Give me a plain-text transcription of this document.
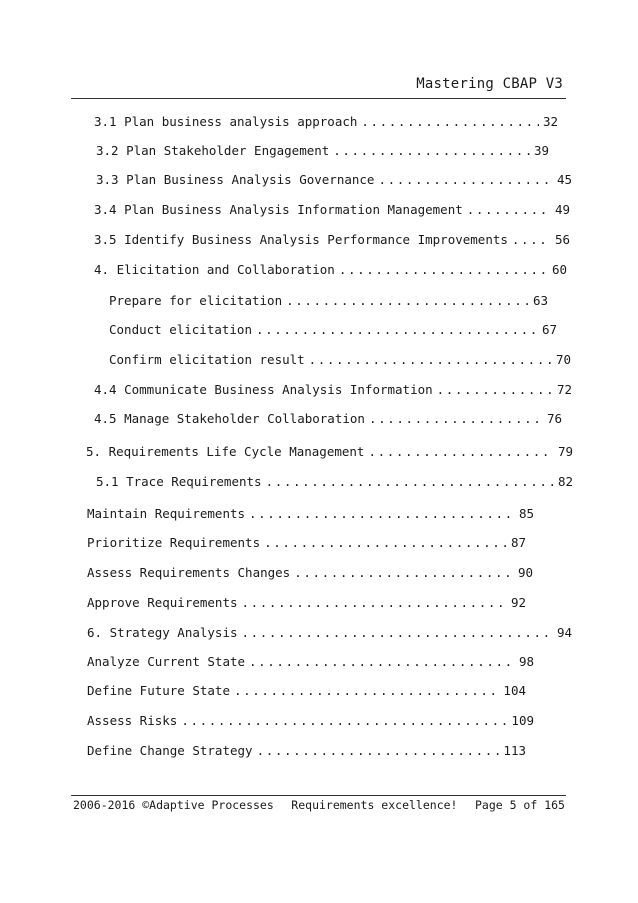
Mastering CBAP V3
3.1 Plan business analysis approach .....	32
3.2 Plan Stakeholder Engagement .....	39
3.3 Plan Business Analysis Governance .....	45
3.4 Plan Business Analysis Information Management .....	49
3.5 Identify Business Analysis Performance Improvements .....	56
4. Elicitation and Collaboration .....	60
Prepare for elicitation .....	63
Conduct elicitation .....	67
Confirm elicitation result .....	70
4.4 Communicate Business Analysis Information .....	72
4.5 Manage Stakeholder Collaboration .....	76
5. Requirements Life Cycle Management .....	79
5.1 Trace Requirements .....	82
Maintain Requirements .....	85
Prioritize Requirements .....	87
Assess Requirements Changes .....	90
Approve Requirements .....	92
6. Strategy Analysis .....	94
Analyze Current State .....	98
Define Future State .....	104
Assess Risks .....	109
Define Change Strategy .....	113
2006-2016 ©Adaptive Processes Requirements excellence! Page 5 of 165
